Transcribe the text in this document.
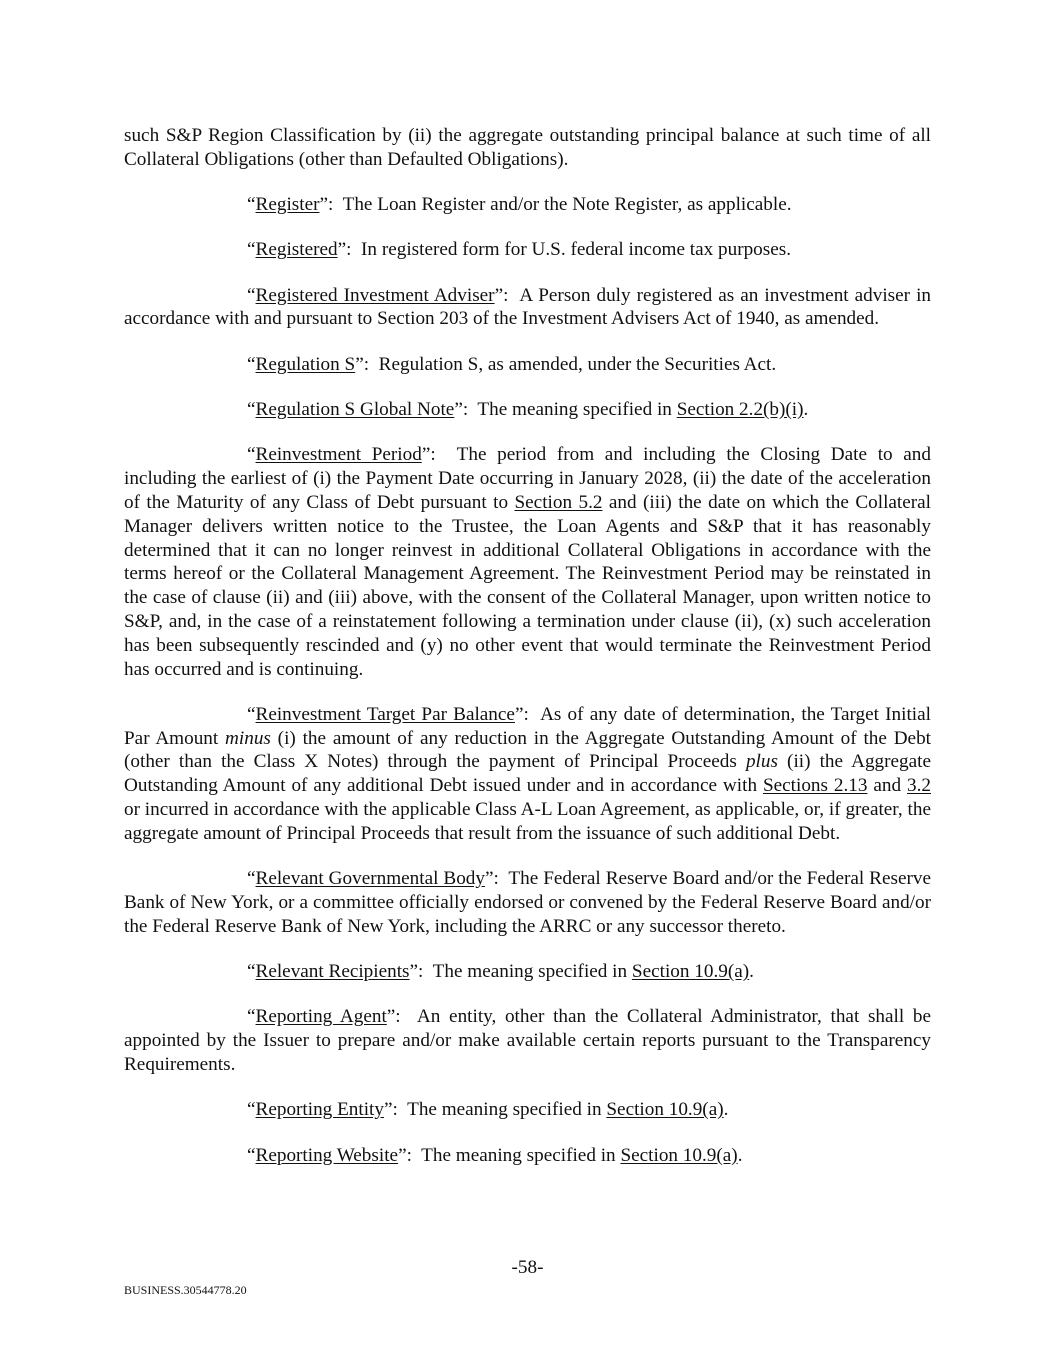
such S&P Region Classification by (ii) the aggregate outstanding principal balance at such time of all Collateral Obligations (other than Defaulted Obligations).

“Register”:  The Loan Register and/or the Note Register, as applicable.

“Registered”:  In registered form for U.S. federal income tax purposes.

“Registered Investment Adviser”:  A Person duly registered as an investment adviser in accordance with and pursuant to Section 203 of the Investment Advisers Act of 1940, as amended.

“Regulation S”:  Regulation S, as amended, under the Securities Act.

“Regulation S Global Note”:  The meaning specified in Section 2.2(b)(i).

“Reinvestment Period”:  The period from and including the Closing Date to and including the earliest of (i) the Payment Date occurring in January 2028, (ii) the date of the acceleration of the Maturity of any Class of Debt pursuant to Section 5.2 and (iii) the date on which the Collateral Manager delivers written notice to the Trustee, the Loan Agents and S&P that it has reasonably determined that it can no longer reinvest in additional Collateral Obligations in accordance with the terms hereof or the Collateral Management Agreement. The Reinvestment Period may be reinstated in the case of clause (ii) and (iii) above, with the consent of the Collateral Manager, upon written notice to S&P, and, in the case of a reinstatement following a termination under clause (ii), (x) such acceleration has been subsequently rescinded and (y) no other event that would terminate the Reinvestment Period has occurred and is continuing.

“Reinvestment Target Par Balance”:  As of any date of determination, the Target Initial Par Amount minus (i) the amount of any reduction in the Aggregate Outstanding Amount of the Debt (other than the Class X Notes) through the payment of Principal Proceeds plus (ii) the Aggregate Outstanding Amount of any additional Debt issued under and in accordance with Sections 2.13 and 3.2 or incurred in accordance with the applicable Class A-L Loan Agreement, as applicable, or, if greater, the aggregate amount of Principal Proceeds that result from the issuance of such additional Debt.

“Relevant Governmental Body”:  The Federal Reserve Board and/or the Federal Reserve Bank of New York, or a committee officially endorsed or convened by the Federal Reserve Board and/or the Federal Reserve Bank of New York, including the ARRC or any successor thereto.

“Relevant Recipients”:  The meaning specified in Section 10.9(a).

“Reporting Agent”:  An entity, other than the Collateral Administrator, that shall be appointed by the Issuer to prepare and/or make available certain reports pursuant to the Transparency Requirements.

“Reporting Entity”:  The meaning specified in Section 10.9(a).

“Reporting Website”:  The meaning specified in Section 10.9(a).

-58-
BUSINESS.30544778.20
